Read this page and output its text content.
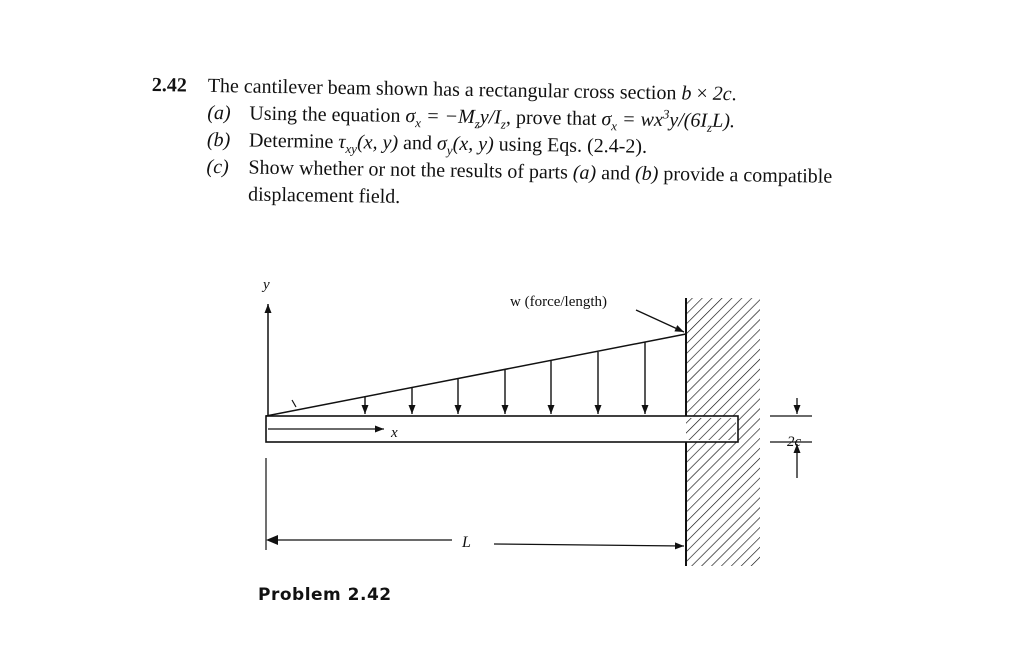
2.42 The cantilever beam shown has a rectangular cross section b × 2c.
(a) Using the equation $\sigma_x = -M_zy/I_z$, prove that $\sigma_x = wx^3y/(6I_zL)$.
(b) Determine $\tau_{xy}(x$, y) and $\sigma_y(x$, y) using Eqs. (2.4-2).
(c) Show whether or not the results of parts (a) and (b) provide a compatible
displacement field.
y
x
w (force/length)
2c
L
Problem 2.42
